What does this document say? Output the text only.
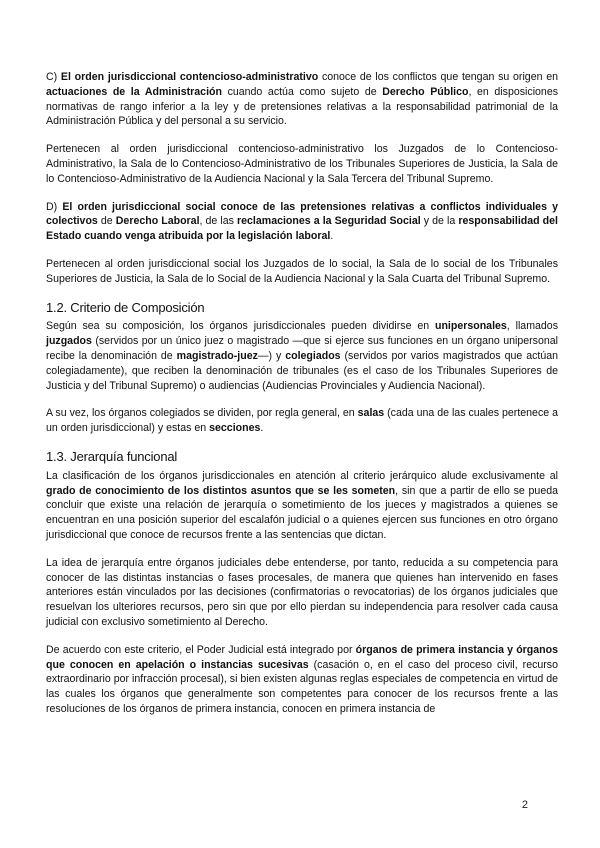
C) El orden jurisdiccional contencioso-administrativo conoce de los conflictos que tengan su origen en actuaciones de la Administración cuando actúa como sujeto de Derecho Público, en disposiciones normativas de rango inferior a la ley y de pretensiones relativas a la responsabilidad patrimonial de la Administración Pública y del personal a su servicio.

Pertenecen al orden jurisdiccional contencioso-administrativo los Juzgados de lo Contencioso-Administrativo, la Sala de lo Contencioso-Administrativo de los Tribunales Superiores de Justicia, la Sala de lo Contencioso-Administrativo de la Audiencia Nacional y la Sala Tercera del Tribunal Supremo.

D) El orden jurisdiccional social conoce de las pretensiones relativas a conflictos individuales y colectivos de Derecho Laboral, de las reclamaciones a la Seguridad Social y de la responsabilidad del Estado cuando venga atribuida por la legislación laboral.

Pertenecen al orden jurisdiccional social los Juzgados de lo social, la Sala de lo social de los Tribunales Superiores de Justicia, la Sala de lo Social de la Audiencia Nacional y la Sala Cuarta del Tribunal Supremo.

1.2. Criterio de Composición

Según sea su composición, los órganos jurisdiccionales pueden dividirse en unipersonales, llamados juzgados (servidos por un único juez o magistrado —que si ejerce sus funciones en un órgano unipersonal recibe la denominación de magistrado-juez—) y colegiados (servidos por varios magistrados que actúan colegiadamente), que reciben la denominación de tribunales (es el caso de los Tribunales Superiores de Justicia y del Tribunal Supremo) o audiencias (Audiencias Provinciales y Audiencia Nacional).

A su vez, los órganos colegiados se dividen, por regla general, en salas (cada una de las cuales pertenece a un orden jurisdiccional) y estas en secciones.

1.3. Jerarquía funcional

La clasificación de los órganos jurisdiccionales en atención al criterio jerárquico alude exclusivamente al grado de conocimiento de los distintos asuntos que se les someten, sin que a partir de ello se pueda concluir que existe una relación de jerarquía o sometimiento de los jueces y magistrados a quienes se encuentran en una posición superior del escalafón judicial o a quienes ejercen sus funciones en otro órgano jurisdiccional que conoce de recursos frente a las sentencias que dictan.

La idea de jerarquía entre órganos judiciales debe entenderse, por tanto, reducida a su competencia para conocer de las distintas instancias o fases procesales, de manera que quienes han intervenido en fases anteriores están vinculados por las decisiones (confirmatorias o revocatorias) de los órganos judiciales que resuelvan los ulteriores recursos, pero sin que por ello pierdan su independencia para resolver cada causa judicial con exclusivo sometimiento al Derecho.

De acuerdo con este criterio, el Poder Judicial está integrado por órganos de primera instancia y órganos que conocen en apelación o instancias sucesivas (casación o, en el caso del proceso civil, recurso extraordinario por infracción procesal), si bien existen algunas reglas especiales de competencia en virtud de las cuales los órganos que generalmente son competentes para conocer de los recursos frente a las resoluciones de los órganos de primera instancia, conocen en primera instancia de

2
